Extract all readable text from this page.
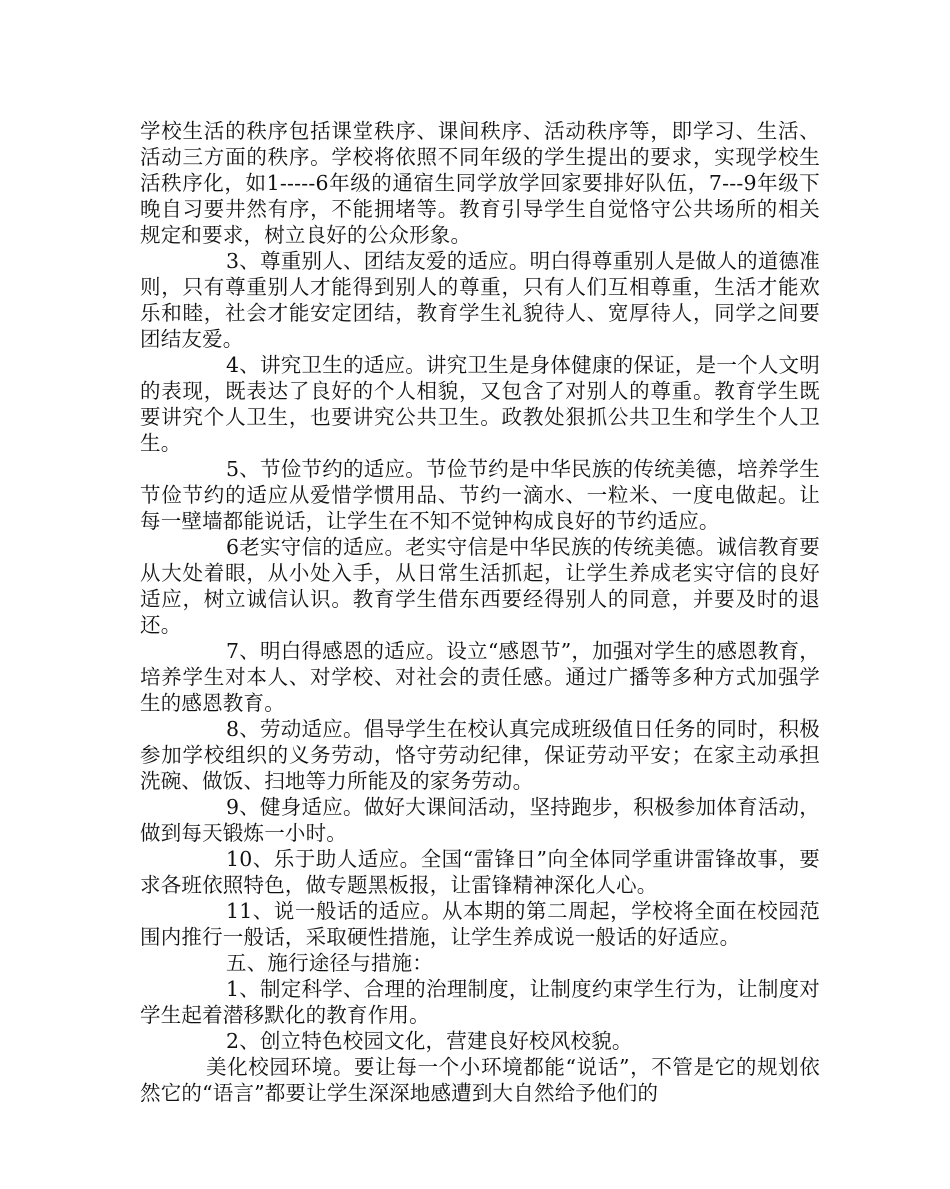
学校生活的秩序包括课堂秩序、课间秩序、活动秩序等，即学习、生活、活动三方面的秩序。学校将依照不同年级的学生提出的要求，实现学校生活秩序化，如1-----6年级的通宿生同学放学回家要排好队伍，7---9年级下晚自习要井然有序，不能拥堵等。教育引导学生自觉恪守公共场所的相关规定和要求，树立良好的公众形象。

3、尊重别人、团结友爱的适应。明白得尊重别人是做人的道德准则，只有尊重别人才能得到别人的尊重，只有人们互相尊重，生活才能欢乐和睦，社会才能安定团结，教育学生礼貌待人、宽厚待人，同学之间要团结友爱。

4、讲究卫生的适应。讲究卫生是身体健康的保证，是一个人文明的表现，既表达了良好的个人相貌，又包含了对别人的尊重。教育学生既要讲究个人卫生，也要讲究公共卫生。政教处狠抓公共卫生和学生个人卫生。

5、节俭节约的适应。节俭节约是中华民族的传统美德，培养学生节俭节约的适应从爱惜学惯用品、节约一滴水、一粒米、一度电做起。让每一壁墙都能说话，让学生在不知不觉钟构成良好的节约适应。

6老实守信的适应。老实守信是中华民族的传统美德。诚信教育要从大处着眼，从小处入手，从日常生活抓起，让学生养成老实守信的良好适应，树立诚信认识。教育学生借东西要经得别人的同意，并要及时的退还。

7、明白得感恩的适应。设立“感恩节”，加强对学生的感恩教育，培养学生对本人、对学校、对社会的责任感。通过广播等多种方式加强学生的感恩教育。

8、劳动适应。倡导学生在校认真完成班级值日任务的同时，积极参加学校组织的义务劳动，恪守劳动纪律，保证劳动平安；在家主动承担洗碗、做饭、扫地等力所能及的家务劳动。

9、健身适应。做好大课间活动，坚持跑步，积极参加体育活动，做到每天锻炼一小时。

10、乐于助人适应。全国“雷锋日”向全体同学重讲雷锋故事，要求各班依照特色，做专题黑板报，让雷锋精神深化人心。

11、说一般话的适应。从本期的第二周起，学校将全面在校园范围内推行一般话，采取硬性措施，让学生养成说一般话的好适应。

五、施行途径与措施：

1、制定科学、合理的治理制度，让制度约束学生行为，让制度对学生起着潜移默化的教育作用。

2、创立特色校园文化，营建良好校风校貌。

美化校园环境。要让每一个小环境都能“说话”，不管是它的规划依然它的“语言”都要让学生深深地感遭到大自然给予他们的
